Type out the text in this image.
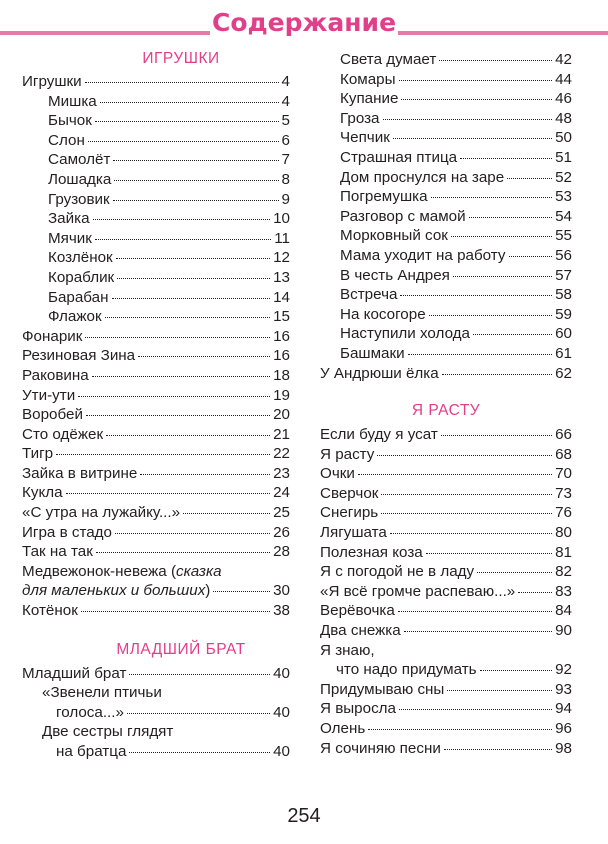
Содержание
ИГРУШКИ
Игрушки	4
Мишка	4
Бычок	5
Слон	6
Самолёт	7
Лошадка	8
Грузовик	9
Зайка	10
Мячик	11
Козлёнок	12
Кораблик	13
Барабан	14
Флажок	15
Фонарик	16
Резиновая Зина	16
Раковина	18
Ути-ути	19
Воробей	20
Сто одёжек	21
Тигр	22
Зайка в витрине	23
Кукла	24
«С утра на лужайку...»	25
Игра в стадо	26
Так на так	28
Медвежонок-невежа (сказка
для маленьких и больших)	30
Котёнок	38
МЛАДШИЙ БРАТ
Младший брат	40
«Звенели птичьи
голоса...»	40
Две сестры глядят
на братца	40
Света думает	42
Комары	44
Купание	46
Гроза	48
Чепчик	50
Страшная птица	51
Дом проснулся на заре	52
Погремушка	53
Разговор с мамой	54
Морковный сок	55
Мама уходит на работу	56
В честь Андрея	57
Встреча	58
На косогоре	59
Наступили холода	60
Башмаки	61
У Андрюши ёлка	62
Я РАСТУ
Если буду я усат	66
Я расту	68
Очки	70
Сверчок	73
Снегирь	76
Лягушата	80
Полезная коза	81
Я с погодой не в ладу	82
«Я всё громче распеваю...»	83
Верёвочка	84
Два снежка	90
Я знаю,
что надо придумать	92
Придумываю сны	93
Я выросла	94
Олень	96
Я сочиняю песни	98
254
